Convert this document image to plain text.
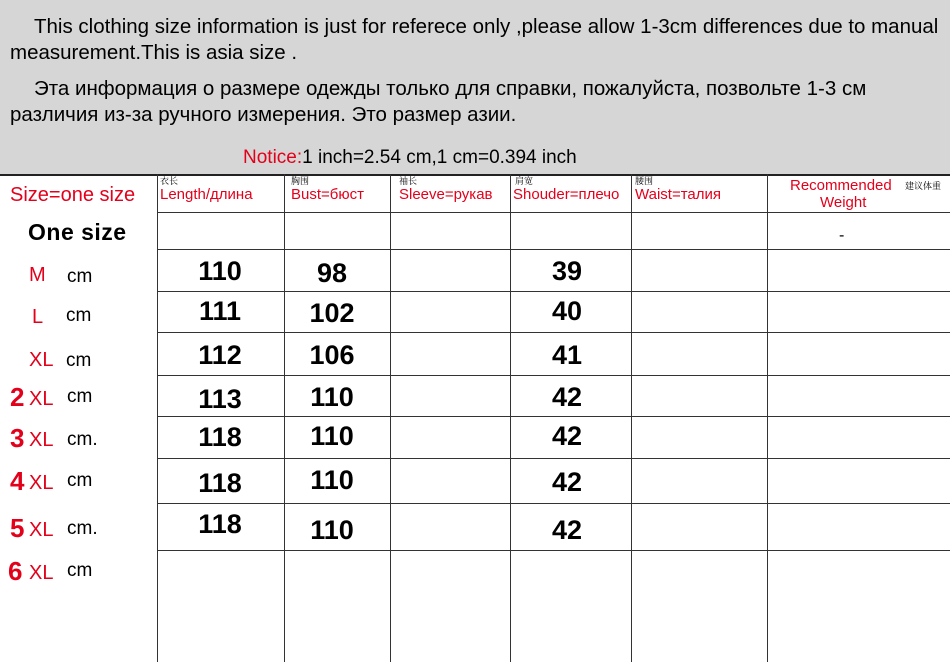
This clothing size information is just for referece only ,please allow 1-3cm differences due to manual measurement.This is asia size .
Эта информация о размере одежды только для справки, пожалуйста, позвольте 1-3 см различия из-за ручного измерения. Это размер азии.
Notice:1 inch=2.54 cm,1 cm=0.394 inch
Size=one size
衣长
Length/длина
胸围
Bust=бюст
袖长
Sleeve=рукав
肩宽
Shouder=плечо
腰围
Waist=талия
Recommended 建议体重
Weight
One size	-
M cm
L cm
XL cm
2 XL cm
3 XL cm.
4 XL cm
5 XL cm.
6 XL cm
110
111
112
113
118
118
118
98
102
106
110
110
110
110
39
40
41
42
42
42
42
